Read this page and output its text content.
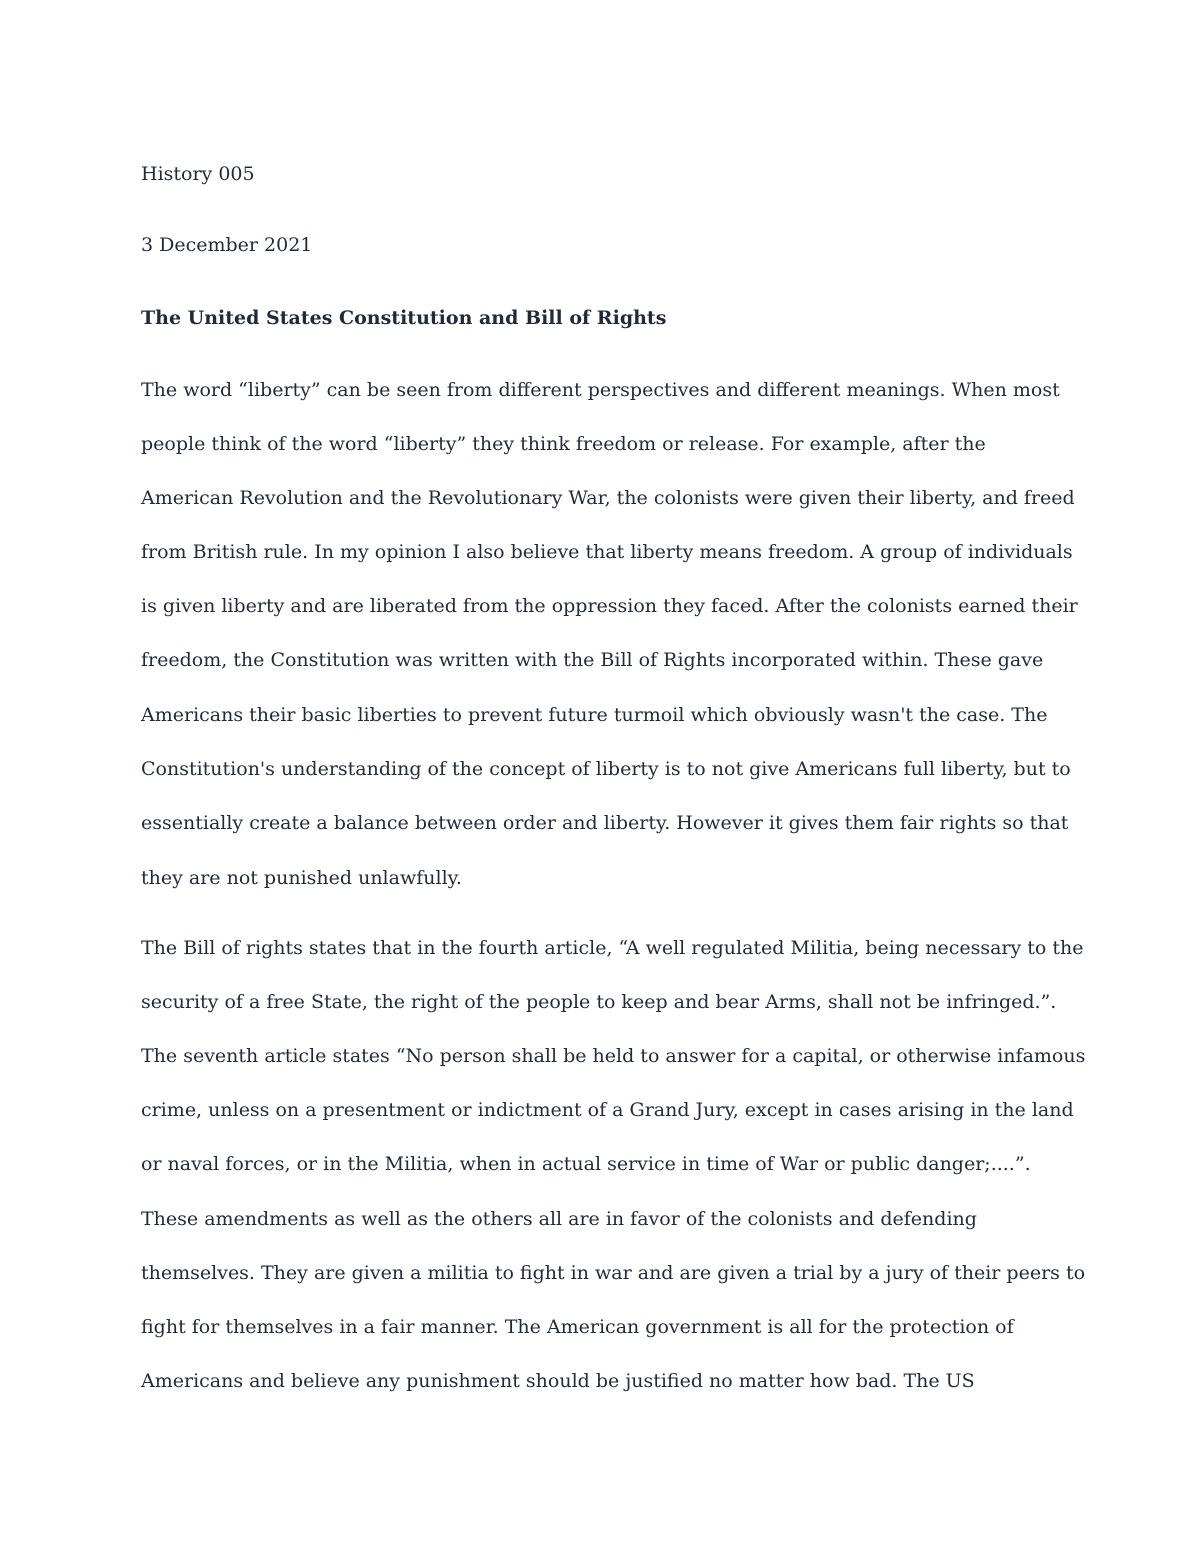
History 005
3 December 2021
The United States Constitution and Bill of Rights
The word “liberty” can be seen from different perspectives and different meanings. When most
people think of the word “liberty” they think freedom or release. For example, after the
American Revolution and the Revolutionary War, the colonists were given their liberty, and freed
from British rule. In my opinion I also believe that liberty means freedom. A group of individuals
is given liberty and are liberated from the oppression they faced. After the colonists earned their
freedom, the Constitution was written with the Bill of Rights incorporated within. These gave
Americans their basic liberties to prevent future turmoil which obviously wasn't the case. The
Constitution's understanding of the concept of liberty is to not give Americans full liberty, but to
essentially create a balance between order and liberty. However it gives them fair rights so that
they are not punished unlawfully.
The Bill of rights states that in the fourth article, “A well regulated Militia, being necessary to the
security of a free State, the right of the people to keep and bear Arms, shall not be infringed.”.
The seventh article states “No person shall be held to answer for a capital, or otherwise infamous
crime, unless on a presentment or indictment of a Grand Jury, except in cases arising in the land
or naval forces, or in the Militia, when in actual service in time of War or public danger;....”.
These amendments as well as the others all are in favor of the colonists and defending
themselves. They are given a militia to fight in war and are given a trial by a jury of their peers to
fight for themselves in a fair manner. The American government is all for the protection of
Americans and believe any punishment should be justified no matter how bad. The US
